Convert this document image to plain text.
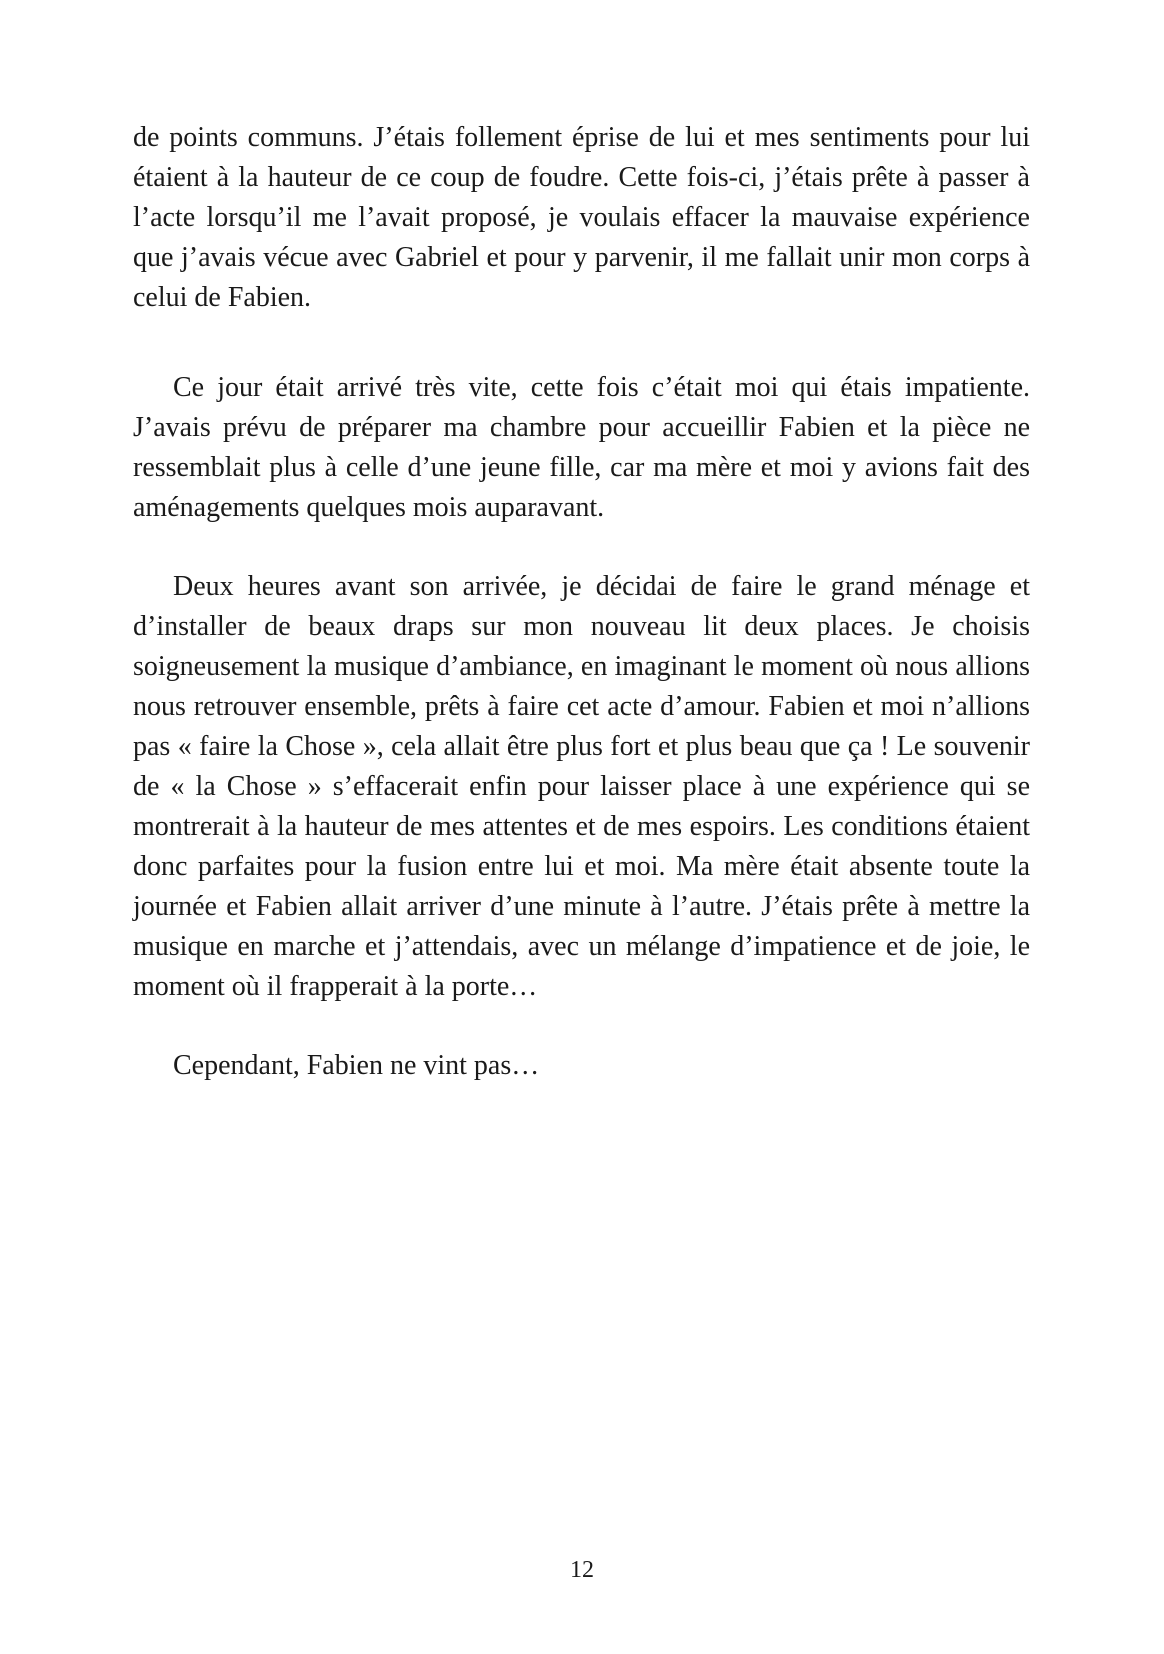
de points communs. J’étais follement éprise de lui et mes sentiments pour lui étaient à la hauteur de ce coup de foudre. Cette fois-ci, j’étais prête à passer à l’acte lorsqu’il me l’avait proposé, je voulais effacer la mauvaise expérience que j’avais vécue avec Gabriel et pour y parvenir, il me fallait unir mon corps à celui de Fabien.

Ce jour était arrivé très vite, cette fois c’était moi qui étais impatiente. J’avais prévu de préparer ma chambre pour accueillir Fabien et la pièce ne ressemblait plus à celle d’une jeune fille, car ma mère et moi y avions fait des aménagements quelques mois auparavant.

Deux heures avant son arrivée, je décidai de faire le grand ménage et d’installer de beaux draps sur mon nouveau lit deux places. Je choisis soigneusement la musique d’ambiance, en imaginant le moment où nous allions nous retrouver ensemble, prêts à faire cet acte d’amour. Fabien et moi n’allions pas « faire la Chose », cela allait être plus fort et plus beau que ça ! Le souvenir de « la Chose » s’effacerait enfin pour laisser place à une expérience qui se montrerait à la hauteur de mes attentes et de mes espoirs. Les conditions étaient donc parfaites pour la fusion entre lui et moi. Ma mère était absente toute la journée et Fabien allait arriver d’une minute à l’autre. J’étais prête à mettre la musique en marche et j’attendais, avec un mélange d’impatience et de joie, le moment où il frapperait à la porte…

Cependant, Fabien ne vint pas…

12
